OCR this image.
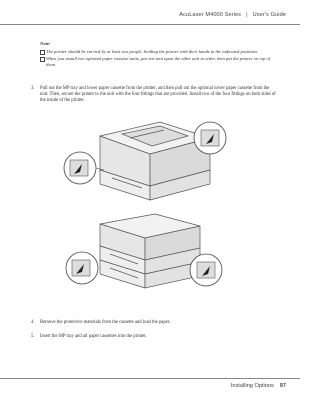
AcuLaser M4000 Series | User's Guide
Note:
The printer should be carried by at least two people, holding the printer with their hands in the indicated positions.
When you install two optional paper cassette units, put one unit upon the other unit in order, then put the printer on top of them.
3.	Pull out the MP tray and lower paper cassette from the printer, and then pull out the optional lower paper cassette from the unit. Then, secure the printer to the unit with the four fittings that are provided. Install two of the four fittings on both sides of the inside of the printer.
4.	Remove the protective materials from the cassette and load the paper.
5.	Insert the MP tray and all paper cassettes into the printer.
Installing Options 97
